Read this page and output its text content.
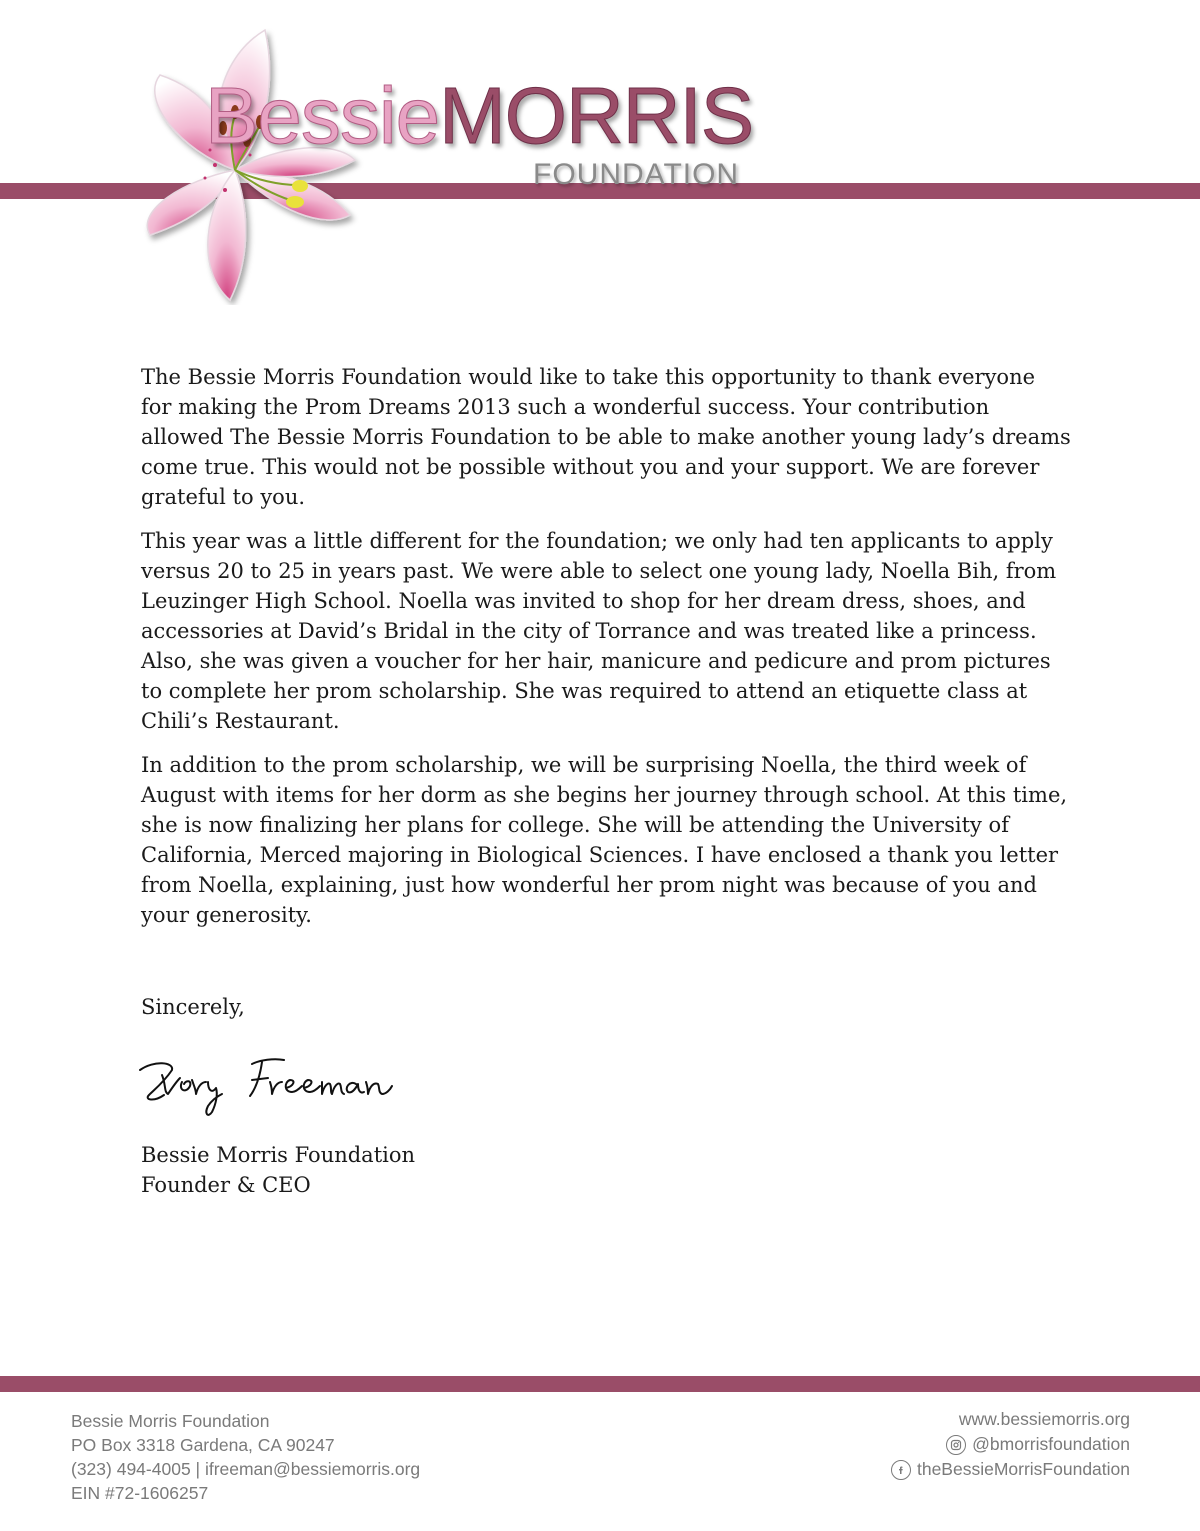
BessieMORRIS
FOUNDATION

The Bessie Morris Foundation would like to take this opportunity to thank everyone for making the Prom Dreams 2013 such a wonderful success. Your contribution allowed The Bessie Morris Foundation to be able to make another young lady’s dreams come true. This would not be possible without you and your support. We are forever grateful to you.

This year was a little different for the foundation; we only had ten applicants to apply versus 20 to 25 in years past. We were able to select one young lady, Noella Bih, from Leuzinger High School. Noella was invited to shop for her dream dress, shoes, and accessories at David’s Bridal in the city of Torrance and was treated like a princess. Also, she was given a voucher for her hair, manicure and pedicure and prom pictures to complete her prom scholarship. She was required to attend an etiquette class at Chili’s Restaurant.

In addition to the prom scholarship, we will be surprising Noella, the third week of August with items for her dorm as she begins her journey through school. At this time, she is now finalizing her plans for college. She will be attending the University of California, Merced majoring in Biological Sciences. I have enclosed a thank you letter from Noella, explaining, just how wonderful her prom night was because of you and your generosity.

Sincerely,

Bessie Morris Foundation
Founder & CEO
Bessie Morris Foundation
PO Box 3318 Gardena, CA 90247
(323) 494-4005 | ifreeman@bessiemorris.org
EIN #72-1606257
www.bessiemorris.org
@bmorrisfoundation
theBessieMorrisFoundation
